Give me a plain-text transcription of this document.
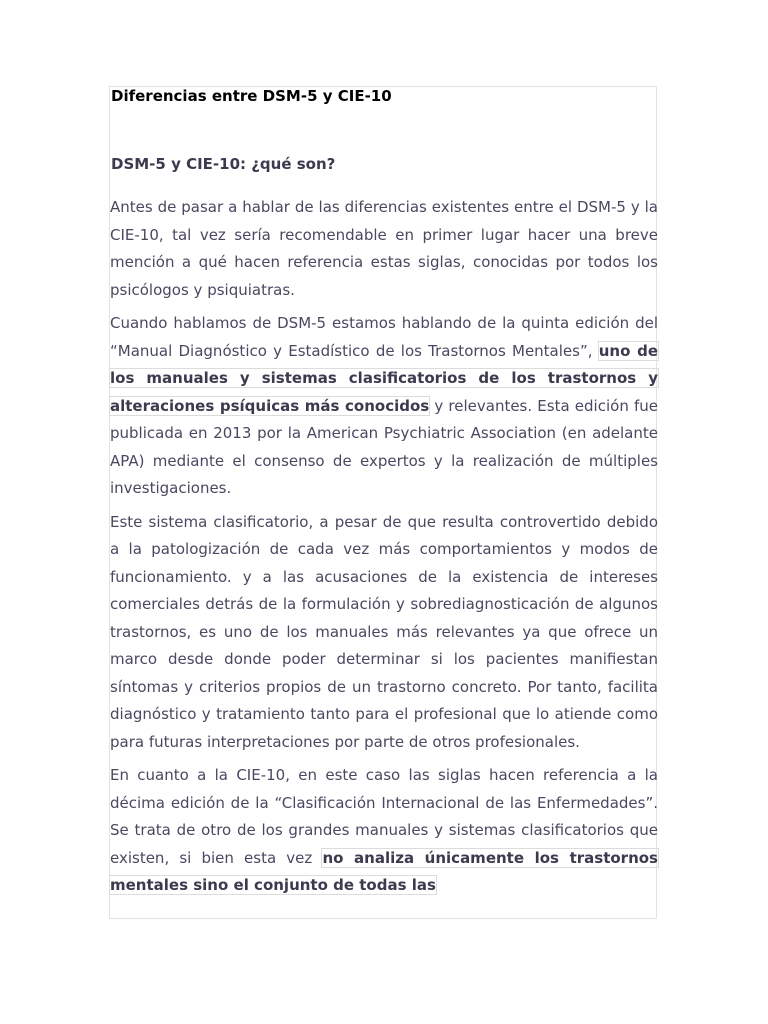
Diferencias entre DSM-5 y CIE-10
DSM-5 y CIE-10: ¿qué son?

Antes de pasar a hablar de las diferencias existentes entre el DSM-5 y la CIE-10, tal vez sería recomendable en primer lugar hacer una breve mención a qué hacen referencia estas siglas, conocidas por todos los psicólogos y psiquiatras.

Cuando hablamos de DSM-5 estamos hablando de la quinta edición del “Manual Diagnóstico y Estadístico de los Trastornos Mentales”, uno de los manuales y sistemas clasificatorios de los trastornos y alteraciones psíquicas más conocidos y relevantes. Esta edición fue publicada en 2013 por la American Psychiatric Association (en adelante APA) mediante el consenso de expertos y la realización de múltiples investigaciones.

Este sistema clasificatorio, a pesar de que resulta controvertido debido a la patologización de cada vez más comportamientos y modos de funcionamiento. y a las acusaciones de la existencia de intereses comerciales detrás de la formulación y sobrediagnosticación de algunos trastornos, es uno de los manuales más relevantes ya que ofrece un marco desde donde poder determinar si los pacientes manifiestan síntomas y criterios propios de un trastorno concreto. Por tanto, facilita diagnóstico y tratamiento tanto para el profesional que lo atiende como para futuras interpretaciones por parte de otros profesionales.

En cuanto a la CIE-10, en este caso las siglas hacen referencia a la décima edición de la “Clasificación Internacional de las Enfermedades”. Se trata de otro de los grandes manuales y sistemas clasificatorios que existen, si bien esta vez no analiza únicamente los trastornos mentales sino el conjunto de todas las
